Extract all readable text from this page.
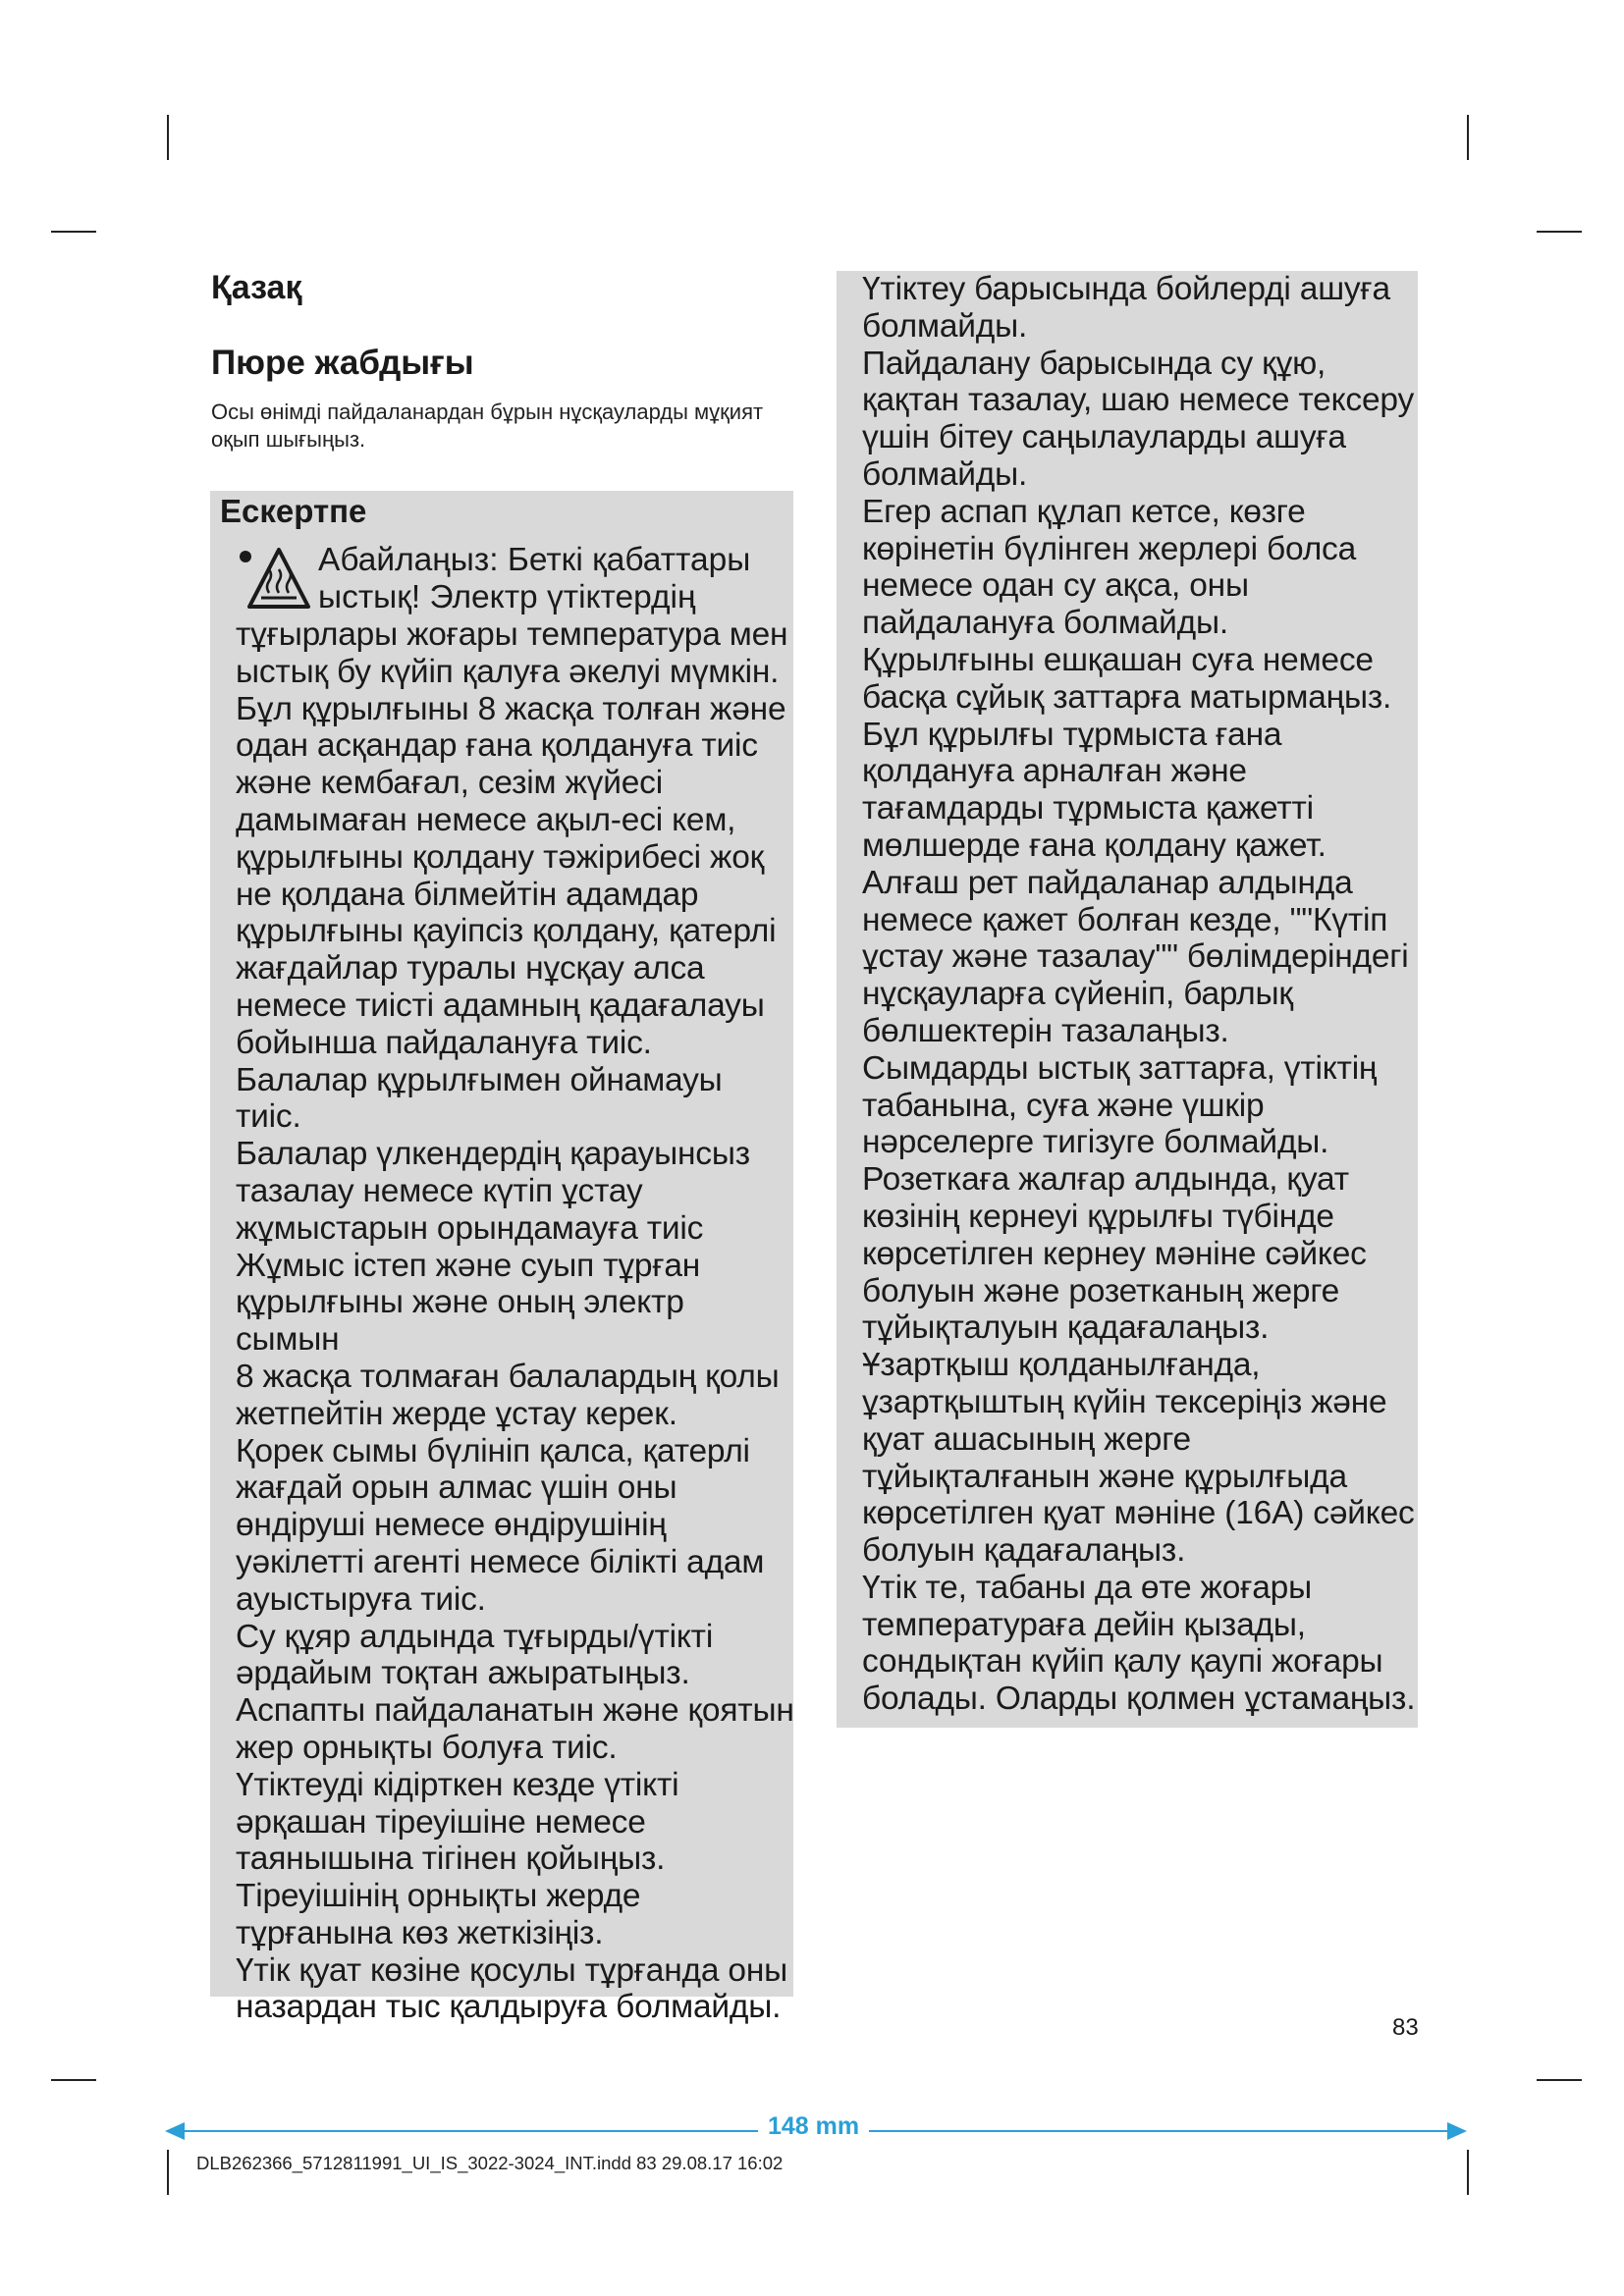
Қазақ
Пюре жабдығы

Осы өнімді пайдаланардан бұрын нұсқауларды мұқият оқып шығыңыз.

Ескертпе

Абайлаңыз: Беткі қабаттары ыстық! Электр үтіктердің

тұғырлары жоғары температура мен

ыстық бу күйіп қалуға әкелуі мүмкін.

Бұл құрылғыны 8 жасқа толған және

одан асқандар ғана қолдануға тиіс

және кембағал, сезім жүйесі

дамымаған немесе ақыл-есі кем,

құрылғыны қолдану тәжірибесі жоқ

не қолдана білмейтін адамдар

құрылғыны қауіпсіз қолдану, қатерлі

жағдайлар туралы нұсқау алса

немесе тиісті адамның қадағалауы

бойынша пайдалануға тиіс.

Балалар құрылғымен ойнамауы тиіс.

Балалар үлкендердің қарауынсыз

тазалау немесе күтіп ұстау

жұмыстарын орындамауға тиіс

Жұмыс істеп және суып тұрған

құрылғыны және оның электр сымын

8 жасқа толмаған балалардың қолы

жетпейтін жерде ұстау керек.

Қорек сымы бүлініп қалса, қатерлі

жағдай орын алмас үшін оны

өндіруші немесе өндірушінің

уәкілетті агенті немесе білікті адам

ауыстыруға тиіс.

Су құяр алдында тұғырды/үтікті

әрдайым тоқтан ажыратыңыз.

Аспапты пайдаланатын және қоятын

жер орнықты болуға тиіс.

Үтіктеуді кідірткен кезде үтікті

әрқашан тіреуішіне немесе

таянышына тігінен қойыңыз.

Тіреуішінің орнықты жерде

тұрғанына көз жеткізіңіз.

Үтік қуат көзіне қосулы тұрғанда оны

назардан тыс қалдыруға болмайды.

Үтіктеу барысында бойлерді ашуға

болмайды.

Пайдалану барысында су құю,

қақтан тазалау, шаю немесе тексеру

үшін бітеу саңылауларды ашуға

болмайды.

Егер аспап құлап кетсе, көзге

көрінетін бүлінген жерлері болса

немесе одан су ақса, оны

пайдалануға болмайды.

Құрылғыны ешқашан суға немесе

басқа сұйық заттарға матырмаңыз.

Бұл құрылғы тұрмыста ғана

қолдануға арналған және

тағамдарды тұрмыста қажетті

мөлшерде ғана қолдану қажет.

Алғаш рет пайдаланар алдында

немесе қажет болған кезде, ""Күтіп

ұстау және тазалау"" бөлімдеріндегі

нұсқауларға сүйеніп, барлық

бөлшектерін тазалаңыз.

Сымдарды ыстық заттарға, үтіктің

табанына, суға және үшкір

нәрселерге тигізуге болмайды.

Розеткаға жалғар алдында, қуат

көзінің кернеуі құрылғы түбінде

көрсетілген кернеу мәніне сәйкес

болуын және розетканың жерге

тұйықталуын қадағалаңыз.

Ұзартқыш қолданылғанда,

ұзартқыштың күйін тексеріңіз және

қуат ашасының жерге

тұйықталғанын және құрылғыда

көрсетілген қуат мәніне (16A) сәйкес

болуын қадағалаңыз.

Үтік те, табаны да өте жоғары

температураға дейін қызады,

сондықтан күйіп қалу қаупі жоғары

болады. Оларды қолмен ұстамаңыз.

83

148 mm

DLB262366_5712811991_UI_IS_3022-3024_INT.indd 83 29.08.17 16:02
